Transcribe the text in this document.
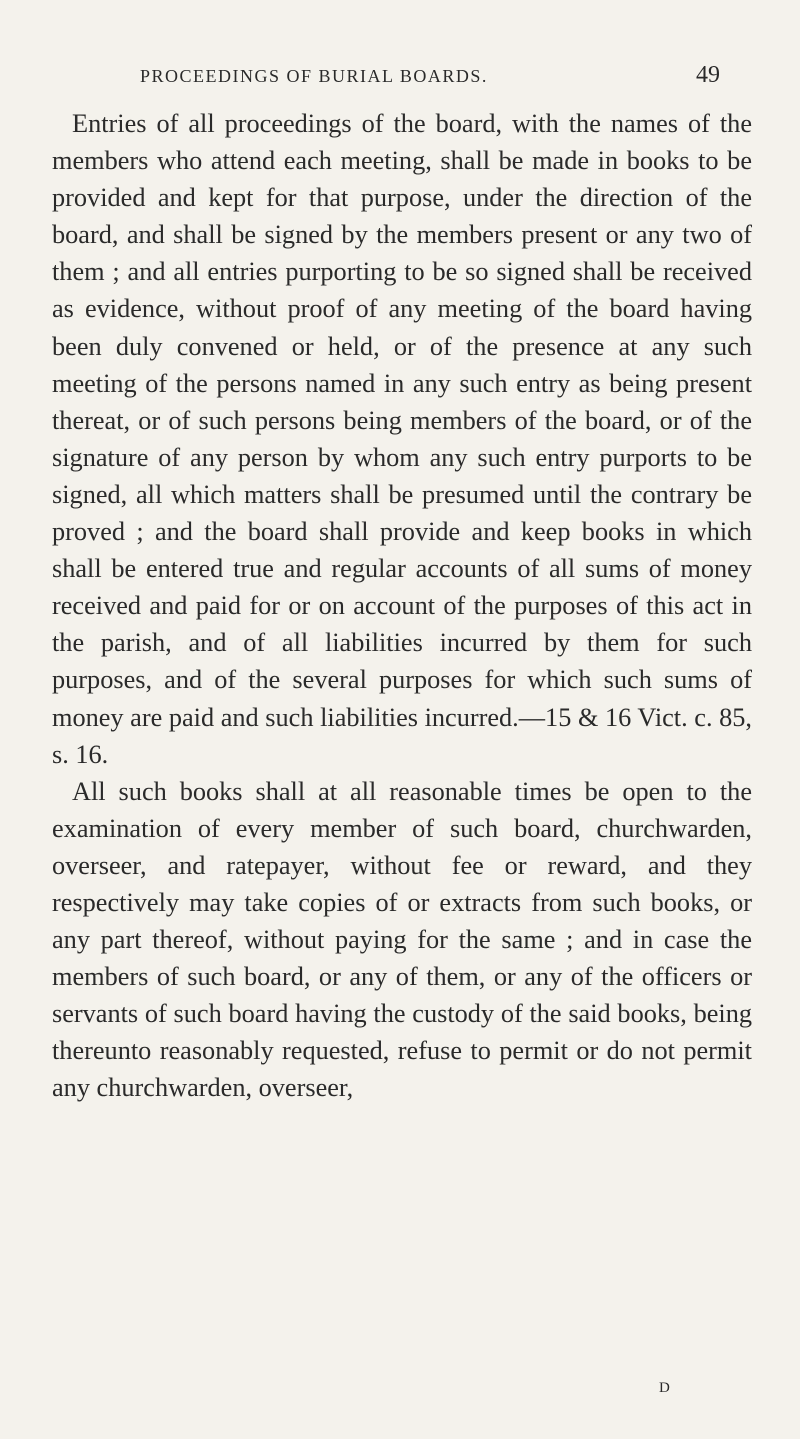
PROCEEDINGS OF BURIAL BOARDS.	49

Entries of all proceedings of the board, with the names of the members who attend each meeting, shall be made in books to be provided and kept for that purpose, under the direction of the board, and shall be signed by the members present or any two of them ; and all entries purporting to be so signed shall be received as evidence, without proof of any meeting of the board having been duly convened or held, or of the presence at any such meeting of the persons named in any such entry as being present thereat, or of such persons being members of the board, or of the signature of any person by whom any such entry purports to be signed, all which matters shall be presumed until the contrary be proved ; and the board shall provide and keep books in which shall be entered true and regular accounts of all sums of money received and paid for or on account of the purposes of this act in the parish, and of all liabilities incurred by them for such purposes, and of the several purposes for which such sums of money are paid and such liabilities incurred.—15 & 16 Vict. c. 85, s. 16.

All such books shall at all reasonable times be open to the examination of every member of such board, churchwarden, overseer, and ratepayer, without fee or reward, and they respectively may take copies of or extracts from such books, or any part thereof, without paying for the same ; and in case the members of such board, or any of them, or any of the officers or servants of such board having the custody of the said books, being thereunto reasonably requested, refuse to permit or do not permit any churchwarden, overseer,

D
